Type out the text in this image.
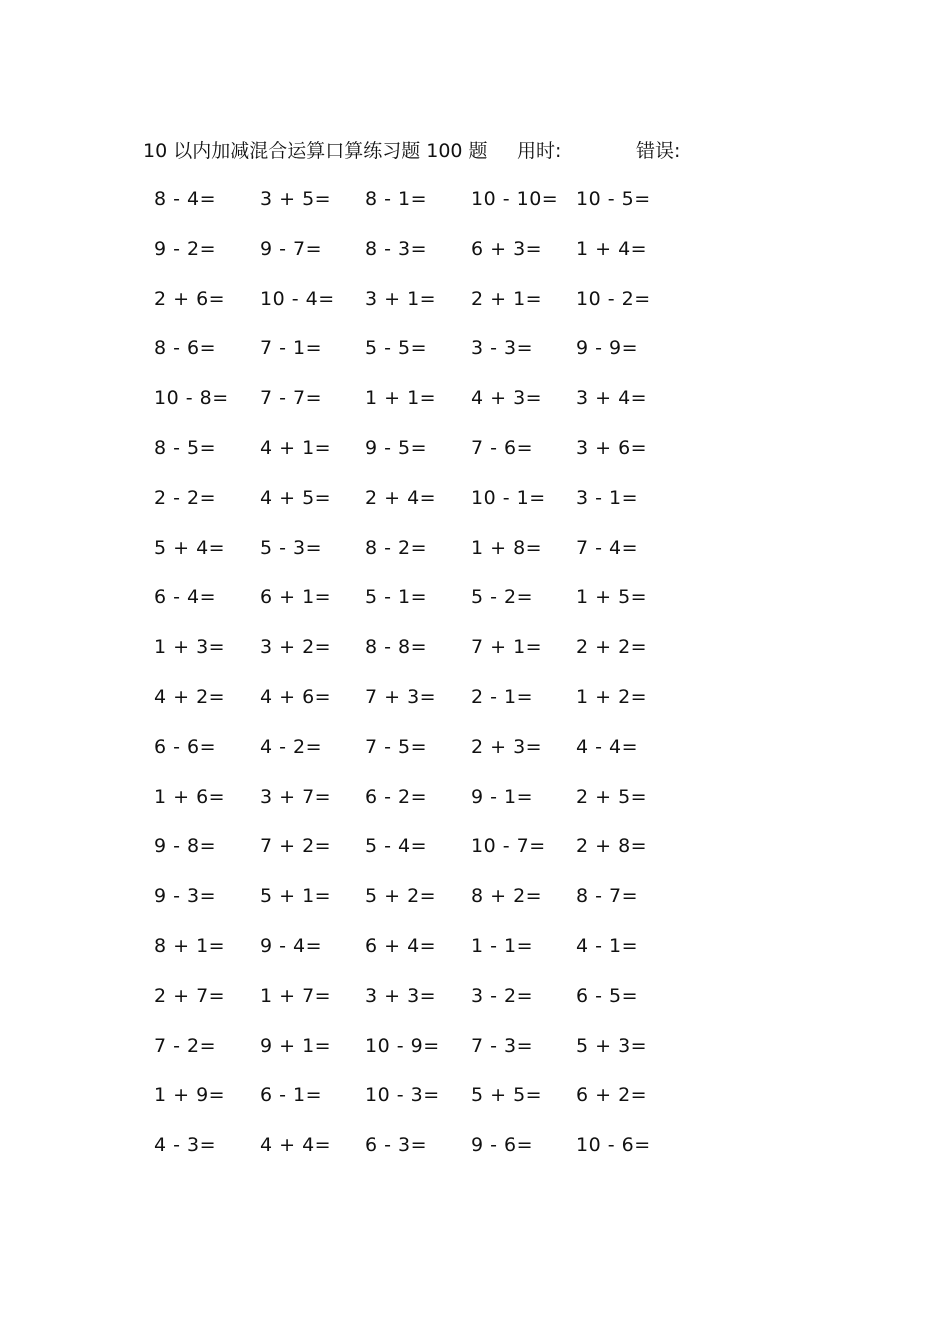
10 以内加减混合运算口算练习题 100 题 用时:	错误:
8 - 4= 3 + 5= 8 - 1= 10 - 10= 10 - 5=
9 - 2= 9 - 7= 8 - 3= 6 + 3= 1 + 4=
2 + 6= 10 - 4= 3 + 1= 2 + 1= 10 - 2=
8 - 6= 7 - 1= 5 - 5= 3 - 3= 9 - 9=
10 - 8= 7 - 7= 1 + 1= 4 + 3= 3 + 4=
8 - 5= 4 + 1= 9 - 5= 7 - 6= 3 + 6=
2 - 2= 4 + 5= 2 + 4= 10 - 1= 3 - 1=
5 + 4= 5 - 3= 8 - 2= 1 + 8= 7 - 4=
6 - 4= 6 + 1= 5 - 1= 5 - 2= 1 + 5=
1 + 3= 3 + 2= 8 - 8= 7 + 1= 2 + 2=
4 + 2= 4 + 6= 7 + 3= 2 - 1= 1 + 2=
6 - 6= 4 - 2= 7 - 5= 2 + 3= 4 - 4=
1 + 6= 3 + 7= 6 - 2= 9 - 1= 2 + 5=
9 - 8= 7 + 2= 5 - 4= 10 - 7= 2 + 8=
9 - 3= 5 + 1= 5 + 2= 8 + 2= 8 - 7=
8 + 1= 9 - 4= 6 + 4= 1 - 1= 4 - 1=
2 + 7= 1 + 7= 3 + 3= 3 - 2= 6 - 5=
7 - 2= 9 + 1= 10 - 9= 7 - 3= 5 + 3=
1 + 9= 6 - 1= 10 - 3= 5 + 5= 6 + 2=
4 - 3= 4 + 4= 6 - 3= 9 - 6= 10 - 6=
